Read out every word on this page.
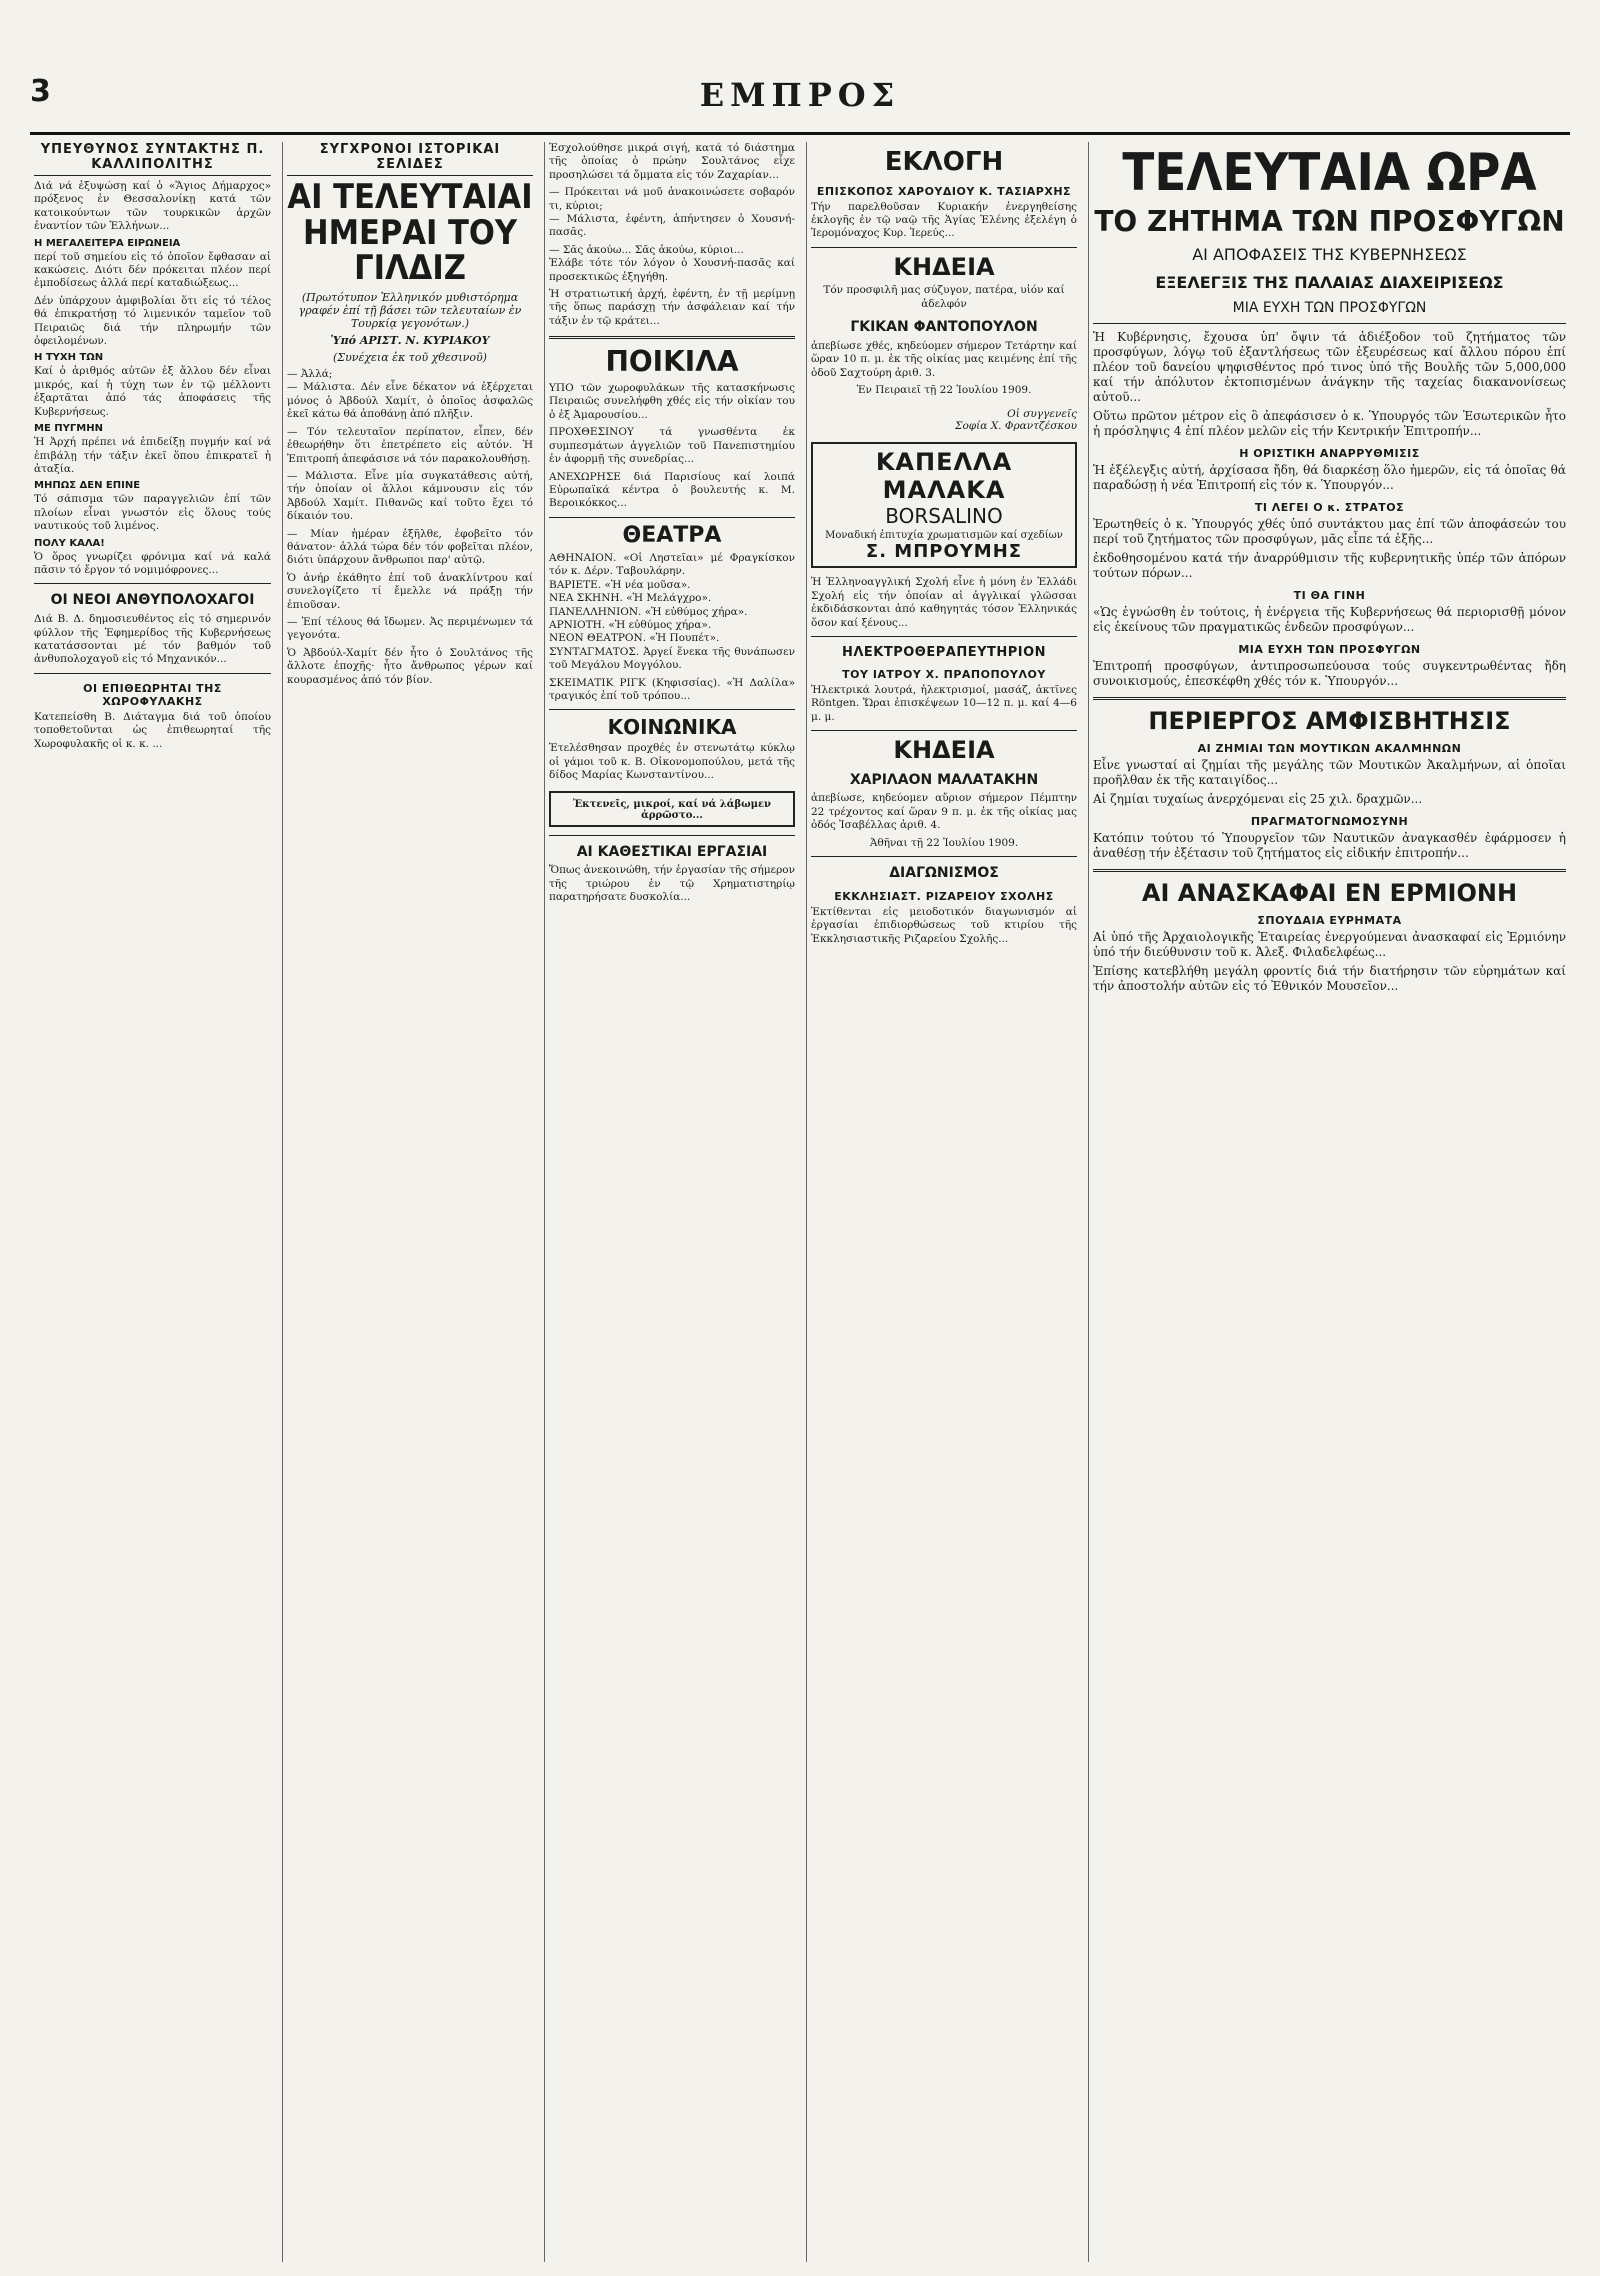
3	ΕΜΠΡΟΣ
ΥΠΕΥΘΥΝΟΣ ΣΥΝΤΑΚΤΗΣ Π. ΚΑΛΛΙΠΟΛΙΤΗΣ

Διά νά ἐξυψώσῃ καί ὁ «Ἅγιος Δήμαρχος» πρόξενος ἐν Θεσσαλονίκῃ κατά τῶν κατοικούντων τῶν τουρκικῶν ἀρχῶν ἐναντίον τῶν Ἑλλήνων...

Η ΜΕΓΑΛΕΙΤΕΡΑ ΕΙΡΩΝΕΙΑ

περί τοῦ σημείου εἰς τό ὁποῖον ἔφθασαν αἱ κακώσεις. Διότι δέν πρόκειται πλέον περί ἐμποδίσεως ἀλλά περί καταδιώξεως...

Δέν ὑπάρχουν ἀμφιβολίαι ὅτι εἰς τό τέλος θά ἐπικρατήσῃ τό λιμενικόν ταμεῖον τοῦ Πειραιῶς διά τήν πληρωμήν τῶν ὀφειλομένων.

Η ΤΥΧΗ ΤΩΝ

Καί ὁ ἀριθμός αὐτῶν ἐξ ἄλλου δέν εἶναι μικρός, καί ἡ τύχη των ἐν τῷ μέλλοντι ἐξαρτᾶται ἀπό τάς ἀποφάσεις τῆς Κυβερνήσεως.

ΜΕ ΠΥΓΜΗΝ

Ἡ Ἀρχή πρέπει νά ἐπιδείξῃ πυγμήν καί νά ἐπιβάλῃ τήν τάξιν ἐκεῖ ὅπου ἐπικρατεῖ ἡ ἀταξία.

ΜΗΠΩΣ ΔΕΝ ΕΠΙΝΕ

Τό σάπισμα τῶν παραγγελιῶν ἐπί τῶν πλοίων εἶναι γνωστόν εἰς ὅλους τούς ναυτικούς τοῦ λιμένος.

ΠΟΛΥ ΚΑΛΑ!

Ὁ ὅρος γνωρίζει φρόνιμα καί νά καλά πᾶσιν τό ἔργον τό νομιμόφρονες...

ΟΙ ΝΕΟΙ ΑΝΘΥΠΟΛΟΧΑΓΟΙ

Διά Β. Δ. δημοσιευθέντος εἰς τό σημερινόν φύλλον τῆς Ἐφημερίδος τῆς Κυβερνήσεως κατατάσσονται μέ τόν βαθμόν τοῦ ἀνθυπολοχαγοῦ εἰς τό Μηχανικόν...

ΟΙ ΕΠΙΘΕΩΡΗΤΑΙ ΤΗΣ ΧΩΡΟΦΥΛΑΚΗΣ

Κατεπείσθη Β. Διάταγμα διά τοῦ ὁποίου τοποθετοῦνται ὡς ἐπιθεωρηταί τῆς Χωροφυλακῆς οἱ κ. κ. ...

ΣΥΓΧΡΟΝΟΙ ΙΣΤΟΡΙΚΑΙ ΣΕΛΙΔΕΣ
ΑΙ ΤΕΛΕΥΤΑΙΑΙ ΗΜΕΡΑΙ ΤΟΥ ΓΙΛΔΙΖ
(Πρωτότυπον Ἑλληνικόν μυθιστόρημα γραφέν ἐπί τῇ βάσει τῶν τελευταίων ἐν Τουρκίᾳ γεγονότων.)
Ὑπό ΑΡΙΣΤ. Ν. ΚΥΡΙΑΚΟΥ
(Συνέχεια ἐκ τοῦ χθεσινοῦ)

— Ἀλλά;
— Μάλιστα. Δέν εἶνε δέκατον νά ἐξέρχεται μόνος ὁ Ἀβδούλ Χαμίτ, ὁ ὁποῖος ἀσφαλῶς ἐκεῖ κάτω θά ἀποθάνῃ ἀπό πλῆξιν.

— Τόν τελευταῖον περίπατον, εἶπεν, δέν ἐθεωρήθην ὅτι ἐπετρέπετο εἰς αὐτόν. Ἡ Ἐπιτροπή ἀπεφάσισε νά τόν παρακολουθήσῃ.

— Μάλιστα. Εἶνε μία συγκατάθεσις αὐτή, τήν ὁποίαν οἱ ἄλλοι κάμνουσιν εἰς τόν Ἀβδούλ Χαμίτ. Πιθανῶς καί τοῦτο ἔχει τό δίκαιόν του.

— Μίαν ἡμέραν ἐξῆλθε, ἐφοβεῖτο τόν θάνατον· ἀλλά τώρα δέν τόν φοβεῖται πλέον, διότι ὑπάρχουν ἄνθρωποι παρ' αὐτῷ.

Ὁ ἀνήρ ἐκάθητο ἐπί τοῦ ἀνακλίντρου καί συνελογίζετο τί ἔμελλε νά πράξῃ τήν ἐπιοῦσαν.

— Ἐπί τέλους θά ἴδωμεν. Ἀς περιμένωμεν τά γεγονότα.

Ὁ Ἀβδούλ-Χαμίτ δέν ἦτο ὁ Σουλτάνος τῆς ἄλλοτε ἐποχῆς· ἦτο ἄνθρωπος γέρων καί κουρασμένος ἀπό τόν βίον.

Ἐσχολούθησε μικρά σιγή, κατά τό διάστημα τῆς ὁποίας ὁ πρώην Σουλτάνος εἶχε προσηλώσει τά ὄμματα εἰς τόν Ζαχαρίαν...

— Πρόκειται νά μοῦ ἀνακοινώσετε σοβαρόν τι, κύριοι;
— Μάλιστα, ἐφέντη, ἀπήντησεν ὁ Χουσνή-πασᾶς.

— Σᾶς ἀκούω... Σᾶς ἀκούω, κύριοι...
Ἐλάβε τότε τόν λόγον ὁ Χουσνή-πασᾶς καί προσεκτικῶς ἐξηγήθη.

Ἡ στρατιωτική ἀρχή, ἐφέντη, ἐν τῇ μερίμνῃ τῆς ὅπως παράσχῃ τήν ἀσφάλειαν καί τήν τάξιν ἐν τῷ κράτει...

ΠΟΙΚΙΛΑ

ΥΠΟ τῶν χωροφυλάκων τῆς κατασκήνωσις Πειραιῶς συνελήφθη χθές εἰς τήν οἰκίαν του ὁ ἐξ Ἀμαρουσίου...

ΠΡΟΧΘΕΣΙΝΟΥ τά γνωσθέντα ἐκ συμπεσμάτων ἀγγελιῶν τοῦ Πανεπιστημίου ἐν ἀφορμῇ τῆς συνεδρίας...

ΑΝΕΧΩΡΗΣΕ διά Παρισίους καί λοιπά Εὐρωπαϊκά κέντρα ὁ βουλευτής κ. Μ. Βεροικόκκος...

ΘΕΑΤΡΑ

ΑΘΗΝΑΙΟΝ. «Οἱ Ληστεῖαι» μέ Φραγκίσκον τόν κ. Δέρν. Ταβουλάρην.
ΒΑΡΙΕΤΕ. «Ἡ νέα μοῦσα».
ΝΕΑ ΣΚΗΝΗ. «Ἡ Μελάγχρο».
ΠΑΝΕΛΛΗΝΙΟΝ. «Ἡ εὐθύμος χήρα».
ΑΡΝΙΟΤΗ. «Ἡ εὐθύμος χήρα».
ΝΕΟΝ ΘΕΑΤΡΟΝ. «Ἡ Πουπέτ».
ΣΥΝΤΑΓΜΑΤΟΣ. Ἀργεί ἕνεκα τῆς θυνάπωσεν τοῦ Μεγάλου Μογγόλου.

ΣΚΕΙΜΑΤΙΚ ΡΙΓΚ (Κηφισσίας). «Ἡ Δαλίλα» τραγικός ἐπί τοῦ τρόπου...

ΚΟΙΝΩΝΙΚΑ

Ἑτελέσθησαν προχθές ἐν στενωτάτῳ κύκλῳ οἱ γάμοι τοῦ κ. Β. Οἰκονομοπούλου, μετά τῆς δίδος Μαρίας Κωνσταντίνου...

Ἐκτενεῖς, μικροί, καί νά λάβωμεν ἀρρῶστο...
ΑΙ ΚΑΘΕΣΤΙΚΑΙ ΕΡΓΑΣΙΑΙ

Ὅπως ἀνεκοινώθη, τήν ἐργασίαν τῆς σήμερον τῆς τριώρου ἐν τῷ Χρηματιστηρίῳ παρατηρήσατε δυσκολία...

ΕΚΛΟΓΗ
ΕΠΙΣΚΟΠΟΣ ΧΑΡΟΥΔΙΟΥ Κ. ΤΑΣΙΑΡΧΗΣ

Τήν παρελθοῦσαν Κυριακήν ἐνεργηθείσης ἐκλογῆς ἐν τῷ ναῷ τῆς Ἁγίας Ἑλένης ἐξελέγη ὁ Ἱερομόναχος Κυρ. Ἱερεύς...

ΚΗΔΕΙΑ

Τόν προσφιλῆ μας σύζυγον, πατέρα, υἱόν καί ἀδελφόν

ΓΚΙΚΑΝ ΦΑΝΤΟΠΟΥΛΟΝ

ἀπεβίωσε χθές, κηδεύομεν σήμερον Τετάρτην καί ὥραν 10 π. μ. ἐκ τῆς οἰκίας μας κειμένης ἐπί τῆς ὁδοῦ Σαχτούρη ἀριθ. 3.

Ἐν Πειραιεῖ τῇ 22 Ἰουλίου 1909.

Οἱ συγγενεῖς
Σοφία Χ. Φραντζέσκου

ΚΑΠΕΛΛΑ ΜΑΛΑΚΑ
BORSALINO
Μοναδική ἐπιτυχία χρωματισμῶν καί σχεδίων
Σ. ΜΠΡΟΥΜΗΣ

Ἡ Ἑλληνοαγγλική Σχολή εἶνε ἡ μόνη ἐν Ἑλλάδι Σχολή εἰς τήν ὁποίαν αἱ ἀγγλικαί γλῶσσαι ἐκδιδάσκονται ἀπό καθηγητάς τόσον Ἑλληνικάς ὅσον καί ξένους...

ΗΛΕΚΤΡΟΘΕΡΑΠΕΥΤΗΡΙΟΝ
ΤΟΥ ΙΑΤΡΟΥ Χ. ΠΡΑΠΟΠΟΥΛΟΥ

Ἠλεκτρικά λουτρά, ἠλεκτρισμοί, μασάζ, ἀκτῖνες Röntgen. Ὥραι ἐπισκέψεων 10—12 π. μ. καί 4—6 μ. μ.

ΚΗΔΕΙΑ
ΧΑΡΙΛΑΟΝ ΜΑΛΑΤΑΚΗΝ

ἀπεβίωσε, κηδεύομεν αὔριον σήμερον Πέμπτην 22 τρέχοντος καί ὥραν 9 π. μ. ἐκ τῆς οἰκίας μας ὁδός Ἰσαβέλλας ἀριθ. 4.

Ἀθῆναι τῇ 22 Ἰουλίου 1909.

ΔΙΑΓΩΝΙΣΜΟΣ
ΕΚΚΛΗΣΙΑΣΤ. ΡΙΖΑΡΕΙΟΥ ΣΧΟΛΗΣ

Ἐκτίθενται εἰς μειοδοτικόν διαγωνισμόν αἱ ἐργασίαι ἐπιδιορθώσεως τοῦ κτιρίου τῆς Ἐκκλησιαστικῆς Ριζαρείου Σχολῆς...

ΤΕΛΕΥΤΑΙΑ ΩΡΑ
ΤΟ ΖΗΤΗΜΑ ΤΩΝ ΠΡΟΣΦΥΓΩΝ
ΑΙ ΑΠΟΦΑΣΕΙΣ ΤΗΣ ΚΥΒΕΡΝΗΣΕΩΣ
ΕΞΕΛΕΓΞΙΣ ΤΗΣ ΠΑΛΑΙΑΣ ΔΙΑΧΕΙΡΙΣΕΩΣ
ΜΙΑ ΕΥΧΗ ΤΩΝ ΠΡΟΣΦΥΓΩΝ

Ἡ Κυβέρνησις, ἔχουσα ὑπ' ὄψιν τά ἀδιέξοδον τοῦ ζητήματος τῶν προσφύγων, λόγῳ τοῦ ἐξαντλήσεως τῶν ἐξευρέσεως καί ἄλλου πόρου ἐπί πλέον τοῦ δανείου ψηφισθέντος πρό τινος ὑπό τῆς Βουλῆς τῶν 5,000,000 καί τήν ἀπόλυτον ἐκτοπισμένων ἀνάγκην τῆς ταχείας διακανονίσεως αὐτοῦ...

Οὕτω πρῶτον μέτρον εἰς ὃ ἀπεφάσισεν ὁ κ. Ὑπουργός τῶν Ἐσωτερικῶν ἦτο ἡ πρόσληψις 4 ἐπί πλέον μελῶν εἰς τήν Κεντρικήν Ἐπιτροπήν...

Η ΟΡΙΣΤΙΚΗ ΑΝΑΡΡΥΘΜΙΣΙΣ

Ἡ ἐξέλεγξις αὐτή, ἀρχίσασα ἤδη, θά διαρκέσῃ ὅλο ἡμερῶν, εἰς τά ὁποῖας θά παραδώσῃ ἡ νέα Ἐπιτροπή εἰς τόν κ. Ὑπουργόν...

ΤΙ ΛΕΓΕΙ Ο κ. ΣΤΡΑΤΟΣ

Ἐρωτηθείς ὁ κ. Ὑπουργός χθές ὑπό συντάκτου μας ἐπί τῶν ἀποφάσεών του περί τοῦ ζητήματος τῶν προσφύγων, μᾶς εἶπε τά ἑξῆς...

ἐκδοθησομένου κατά τήν ἀναρρύθμισιν τῆς κυβερνητικῆς ὑπέρ τῶν ἀπόρων τούτων πόρων...

ΤΙ ΘΑ ΓΙΝΗ

«Ὡς ἐγνώσθη ἐν τούτοις, ἡ ἐνέργεια τῆς Κυβερνήσεως θά περιορισθῇ μόνον εἰς ἐκείνους τῶν πραγματικῶς ἐνδεῶν προσφύγων...

ΜΙΑ ΕΥΧΗ ΤΩΝ ΠΡΟΣΦΥΓΩΝ

Ἐπιτροπή προσφύγων, ἀντιπροσωπεύουσα τούς συγκεντρωθέντας ἤδη συνοικισμούς, ἐπεσκέφθη χθές τόν κ. Ὑπουργόν...

ΠΕΡΙΕΡΓΟΣ ΑΜΦΙΣΒΗΤΗΣΙΣ
ΑΙ ΖΗΜΙΑΙ ΤΩΝ ΜΟΥΤΙΚΩΝ ΑΚΑΛΜΗΝΩΝ

Εἶνε γνωσταί αἱ ζημίαι τῆς μεγάλης τῶν Μουτικῶν Ἀκαλμήνων, αἱ ὁποῖαι προῆλθαν ἐκ τῆς καταιγίδος...

Αἱ ζημίαι τυχαίως ἀνερχόμεναι εἰς 25 χιλ. δραχμῶν...

ΠΡΑΓΜΑΤΟΓΝΩΜΟΣΥΝΗ

Κατόπιν τούτου τό Ὑπουργεῖον τῶν Ναυτικῶν ἀναγκασθέν ἐφάρμοσεν ἡ ἀναθέσῃ τήν ἐξέτασιν τοῦ ζητήματος εἰς εἰδικήν ἐπιτροπήν...

ΑΙ ΑΝΑΣΚΑΦΑΙ ΕΝ ΕΡΜΙΟΝΗ
ΣΠΟΥΔΑΙΑ ΕΥΡΗΜΑΤΑ

Αἱ ὑπό τῆς Ἀρχαιολογικῆς Ἑταιρείας ἐνεργούμεναι ἀνασκαφαί εἰς Ἑρμιόνην ὑπό τήν διεύθυνσιν τοῦ κ. Ἀλεξ. Φιλαδελφέως...

Ἐπίσης κατεβλήθη μεγάλη φροντίς διά τήν διατήρησιν τῶν εὑρημάτων καί τήν ἀποστολήν αὐτῶν εἰς τό Ἐθνικόν Μουσεῖον...
